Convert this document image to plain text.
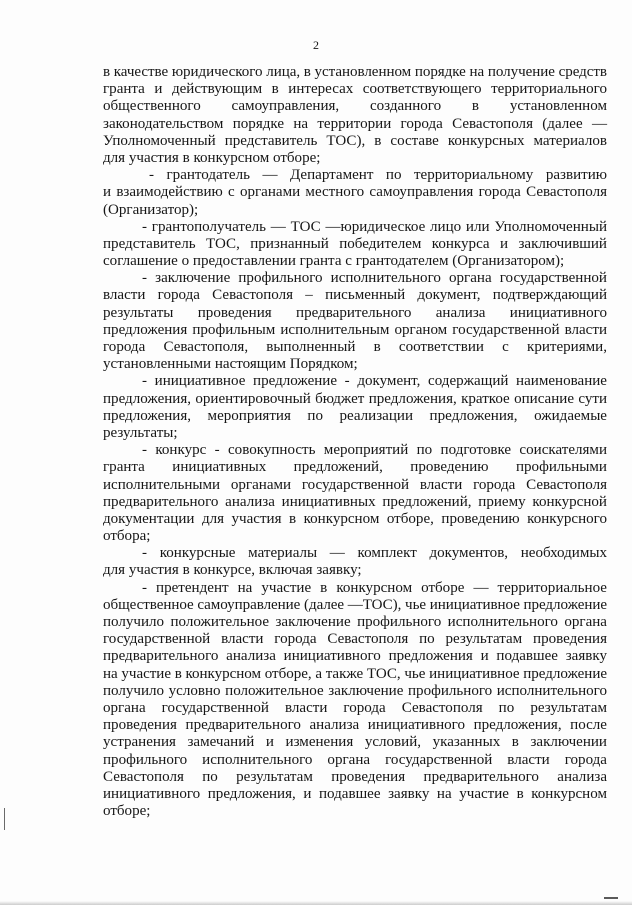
2
в качестве юридического лица, в установленном порядке на получение средств
гранта и действующим в интересах соответствующего территориального
общественного самоуправления, созданного в установленном
законодательством порядке на территории города Севастополя (далее —
Уполномоченный представитель ТОС), в составе конкурсных материалов
для участия в конкурсном отборе;
- грантодатель — Департамент по территориальному развитию
и взаимодействию с органами местного самоуправления города Севастополя
(Организатор);
- грантополучатель — ТОС —юридическое лицо или Уполномоченный
представитель ТОС, признанный победителем конкурса и заключивший
соглашение о предоставлении гранта с грантодателем (Организатором);
- заключение профильного исполнительного органа государственной
власти города Севастополя – письменный документ, подтверждающий
результаты проведения предварительного анализа инициативного
предложения профильным исполнительным органом государственной власти
города Севастополя, выполненный в соответствии с критериями,
установленными настоящим Порядком;
- инициативное предложение - документ, содержащий наименование
предложения, ориентировочный бюджет предложения, краткое описание сути
предложения, мероприятия по реализации предложения, ожидаемые
результаты;
- конкурс - совокупность мероприятий по подготовке соискателями
гранта инициативных предложений, проведению профильными
исполнительными органами государственной власти города Севастополя
предварительного анализа инициативных предложений, приему конкурсной
документации для участия в конкурсном отборе, проведению конкурсного
отбора;
- конкурсные материалы — комплект документов, необходимых
для участия в конкурсе, включая заявку;
- претендент на участие в конкурсном отборе — территориальное
общественное самоуправление (далее —ТОС), чье инициативное предложение
получило положительное заключение профильного исполнительного органа
государственной власти города Севастополя по результатам проведения
предварительного анализа инициативного предложения и подавшее заявку
на участие в конкурсном отборе, а также ТОС, чье инициативное предложение
получило условно положительное заключение профильного исполнительного
органа государственной власти города Севастополя по результатам
проведения предварительного анализа инициативного предложения, после
устранения замечаний и изменения условий, указанных в заключении
профильного исполнительного органа государственной власти города
Севастополя по результатам проведения предварительного анализа
инициативного предложения, и подавшее заявку на участие в конкурсном
отборе;
